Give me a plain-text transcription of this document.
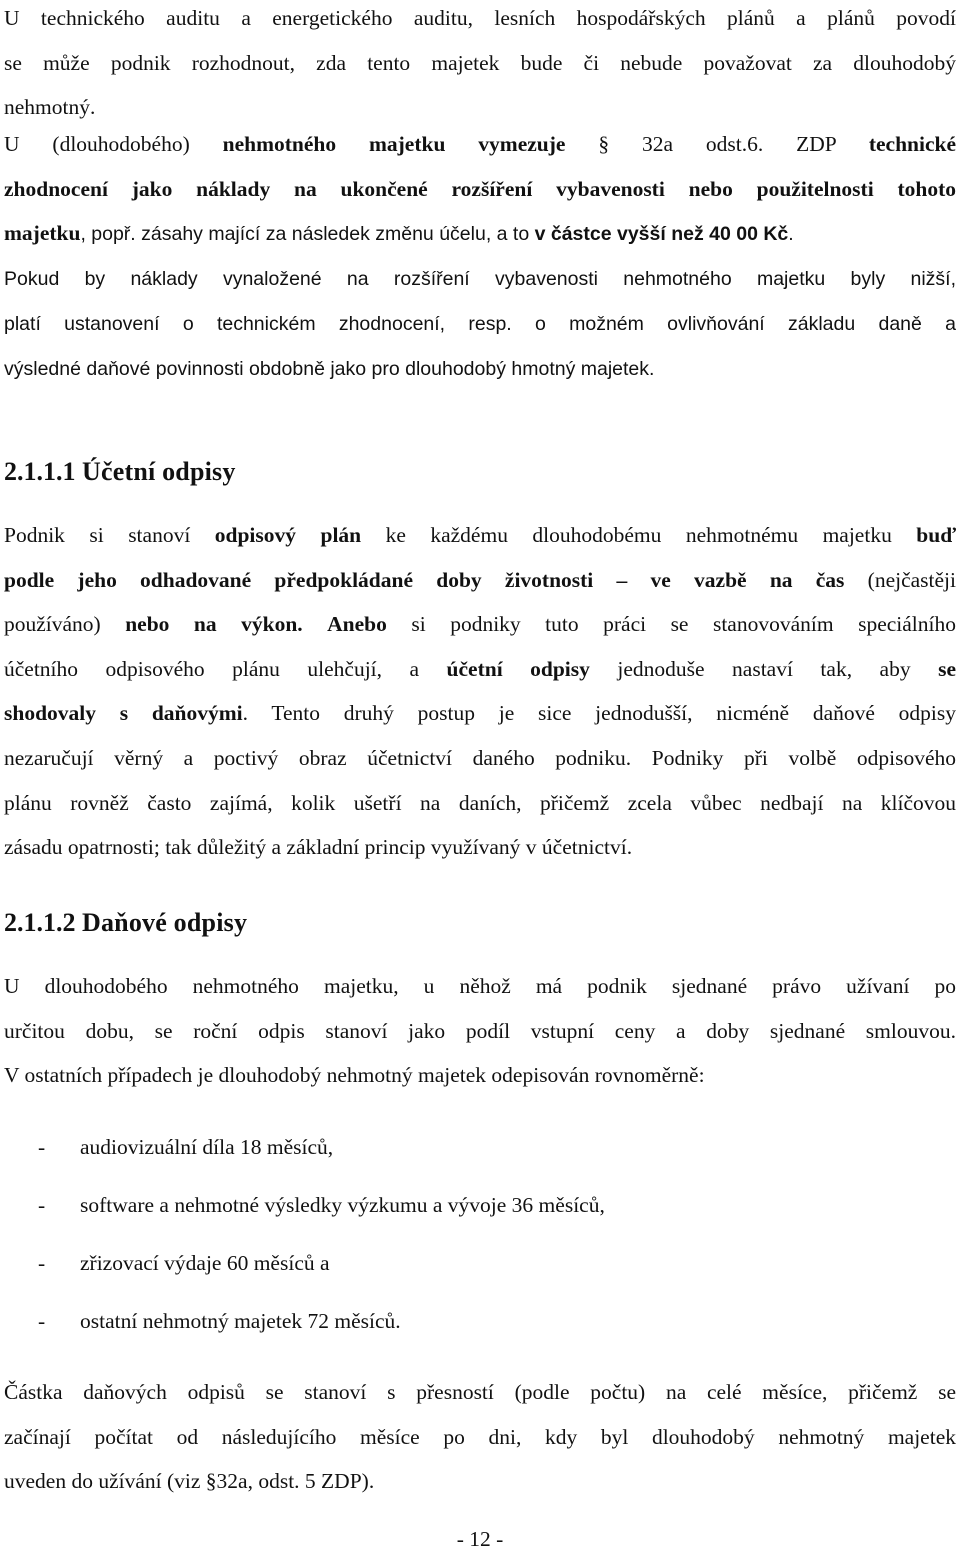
U technického auditu a energetického auditu, lesních hospodářských plánů a plánů povodí
se může podnik rozhodnout, zda tento majetek bude či nebude považovat za dlouhodobý
nehmotný.
U (dlouhodobého) nehmotného majetku vymezuje § 32a odst.6. ZDP technické
zhodnocení jako náklady na ukončené rozšíření vybavenosti nebo použitelnosti tohoto
majetku, popř. zásahy mající za následek změnu účelu, a to v částce vyšší než 40 00 Kč.
Pokud by náklady vynaložené na rozšíření vybavenosti nehmotného majetku byly nižší,
platí ustanovení o technickém zhodnocení, resp. o možném ovlivňování základu daně a
výsledné daňové povinnosti obdobně jako pro dlouhodobý hmotný majetek.
2.1.1.1 Účetní odpisy
Podnik si stanoví odpisový plán ke každému dlouhodobému nehmotnému majetku buď
podle jeho odhadované předpokládané doby životnosti – ve vazbě na čas (nejčastěji
používáno) nebo na výkon. Anebo si podniky tuto práci se stanovováním speciálního
účetního odpisového plánu ulehčují, a účetní odpisy jednoduše nastaví tak, aby se
shodovaly s daňovými. Tento druhý postup je sice jednodušší, nicméně daňové odpisy
nezaručují věrný a poctivý obraz účetnictví daného podniku. Podniky při volbě odpisového
plánu rovněž často zajímá, kolik ušetří na daních, přičemž zcela vůbec nedbají na klíčovou
zásadu opatrnosti; tak důležitý a základní princip využívaný v účetnictví.
2.1.1.2 Daňové odpisy
U dlouhodobého nehmotného majetku, u něhož má podnik sjednané právo užívaní po
určitou dobu, se roční odpis stanoví jako podíl vstupní ceny a doby sjednané smlouvou.
V ostatních případech je dlouhodobý nehmotný majetek odepisován rovnoměrně:
- audiovizuální díla 18 měsíců,
- software a nehmotné výsledky výzkumu a vývoje 36 měsíců,
- zřizovací výdaje 60 měsíců a
- ostatní nehmotný majetek 72 měsíců.
Částka daňových odpisů se stanoví s přesností (podle počtu) na celé měsíce, přičemž se
začínají počítat od následujícího měsíce po dni, kdy byl dlouhodobý nehmotný majetek
uveden do užívání (viz §32a, odst. 5 ZDP).
- 12 -
